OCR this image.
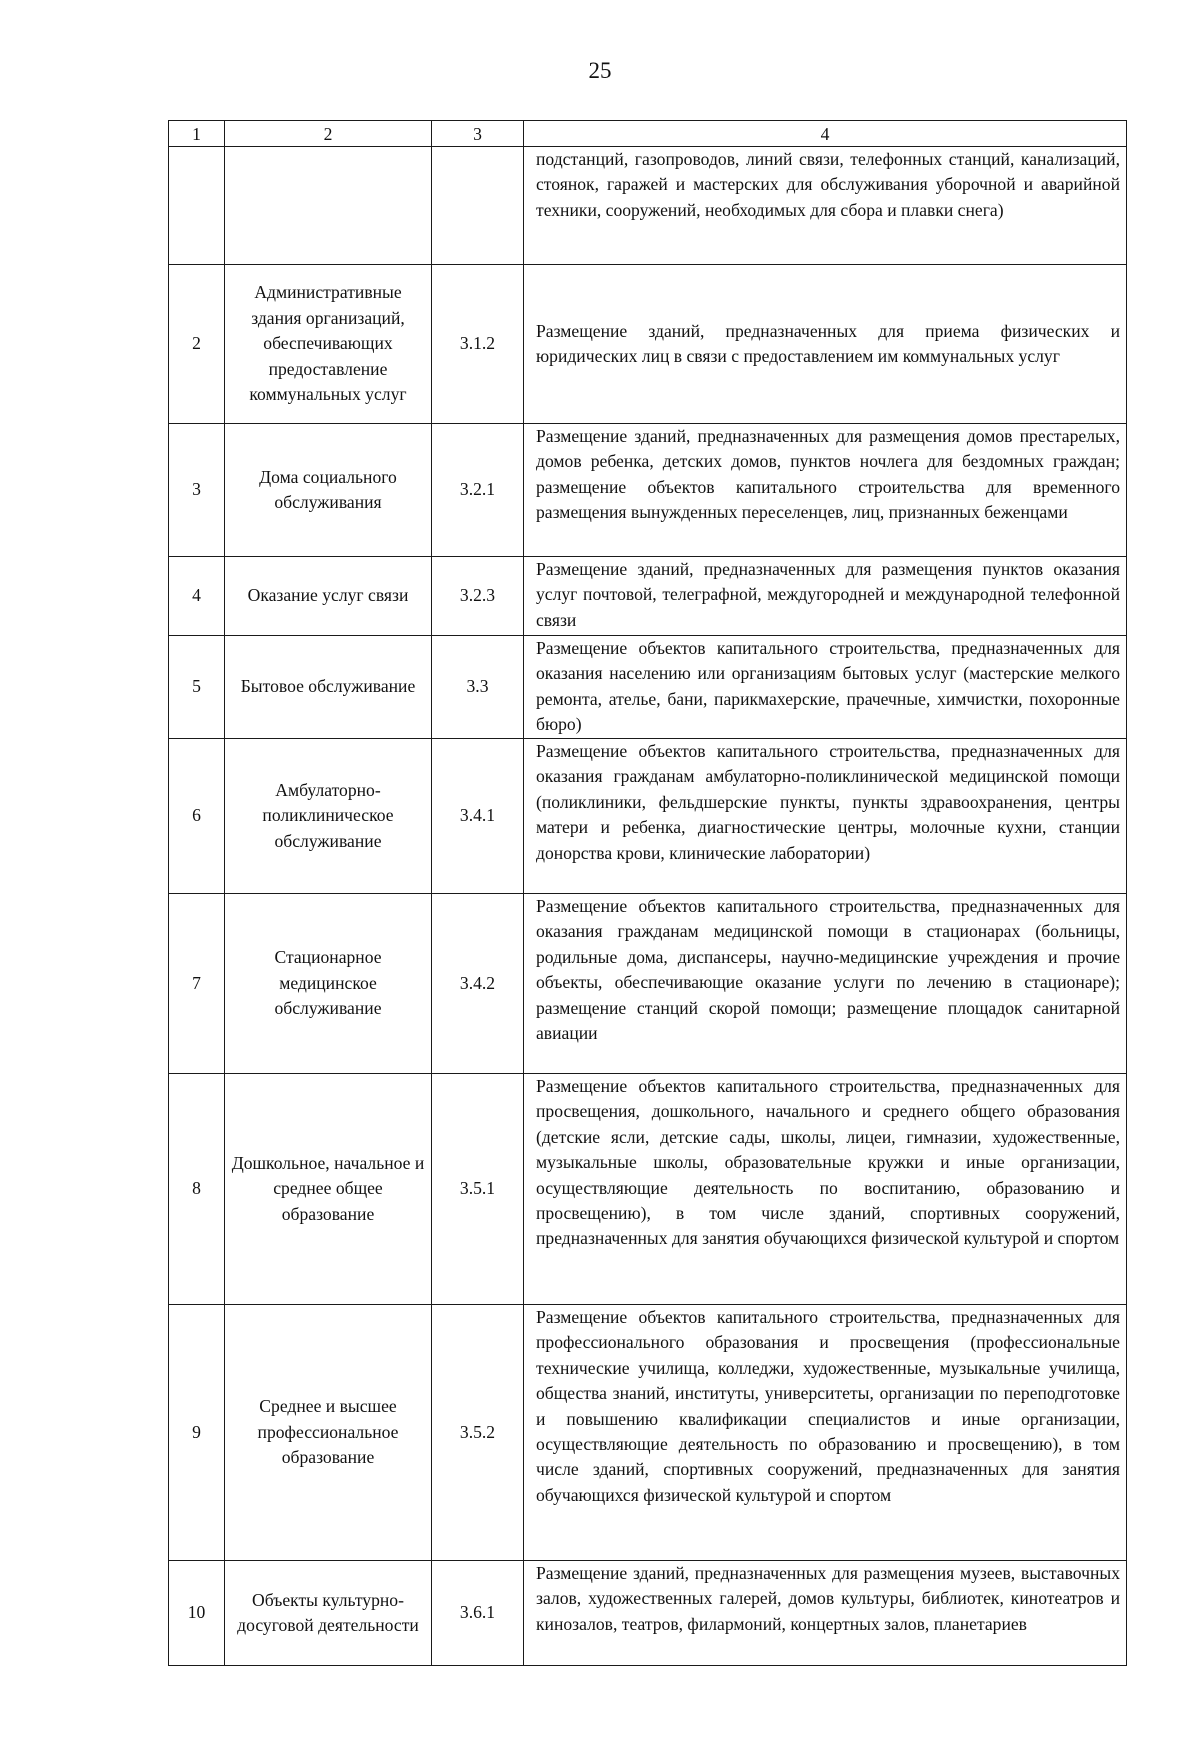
25
1	2	3	4
			подстанций, газопроводов, линий связи, телефонных станций, канализаций, стоянок, гаражей и мастерских для обслуживания уборочной и аварийной техники, сооружений, необходимых для сбора и плавки снега)
2	Административные здания организаций, обеспечивающих предоставление коммунальных услуг	3.1.2	Размещение зданий, предназначенных для приема физических и юридических лиц в связи с предоставлением им коммунальных услуг
3	Дома социального обслуживания	3.2.1	Размещение зданий, предназначенных для размещения домов престарелых, домов ребенка, детских домов, пунктов ночлега для бездомных граждан; размещение объектов капитального строительства для временного размещения вынужденных переселенцев, лиц, признанных беженцами
4	Оказание услуг связи	3.2.3	Размещение зданий, предназначенных для размещения пунктов оказания услуг почтовой, телеграфной, междугородней и международной телефонной связи
5	Бытовое обслуживание	3.3	Размещение объектов капитального строительства, предназначенных для оказания населению или организациям бытовых услуг (мастерские мелкого ремонта, ателье, бани, парикмахерские, прачечные, химчистки, похоронные бюро)
6	Амбулаторно-поликлиническое обслуживание	3.4.1	Размещение объектов капитального строительства, предназначенных для оказания гражданам амбулаторно-поликлинической медицинской помощи (поликлиники, фельдшерские пункты, пункты здравоохранения, центры матери и ребенка, диагностические центры, молочные кухни, станции донорства крови, клинические лаборатории)
7	Стационарное медицинское обслуживание	3.4.2	Размещение объектов капитального строительства, предназначенных для оказания гражданам медицинской помощи в стационарах (больницы, родильные дома, диспансеры, научно-медицинские учреждения и прочие объекты, обеспечивающие оказание услуги по лечению в стационаре); размещение станций скорой помощи; размещение площадок санитарной авиации
8	Дошкольное, начальное и среднее общее образование	3.5.1	Размещение объектов капитального строительства, предназначенных для просвещения, дошкольного, начального и среднего общего образования (детские ясли, детские сады, школы, лицеи, гимназии, художественные, музыкальные школы, образовательные кружки и иные организации, осуществляющие деятельность по воспитанию, образованию и просвещению), в том числе зданий, спортивных сооружений, предназначенных для занятия обучающихся физической культурой и спортом
9	Среднее и высшее профессиональное образование	3.5.2	Размещение объектов капитального строительства, предназначенных для профессионального образования и просвещения (профессиональные технические училища, колледжи, художественные, музыкальные училища, общества знаний, институты, университеты, организации по переподготовке и повышению квалификации специалистов и иные организации, осуществляющие деятельность по образованию и просвещению), в том числе зданий, спортивных сооружений, предназначенных для занятия обучающихся физической культурой и спортом
10	Объекты культурно-досуговой деятельности	3.6.1	Размещение зданий, предназначенных для размещения музеев, выставочных залов, художественных галерей, домов культуры, библиотек, кинотеатров и кинозалов, театров, филармоний, концертных залов, планетариев
